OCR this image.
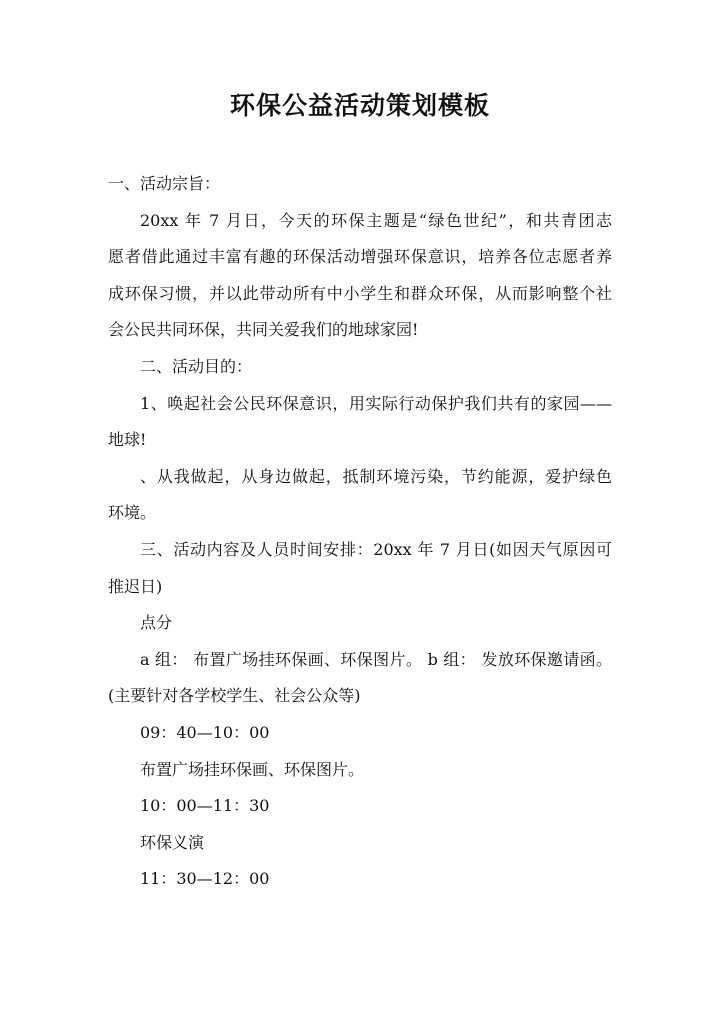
环保公益活动策划模板

一、活动宗旨：

20xx 年 7 月日，今天的环保主题是“绿色世纪”，和共青团志

愿者借此通过丰富有趣的环保活动增强环保意识，培养各位志愿者养

成环保习惯，并以此带动所有中小学生和群众环保，从而影响整个社

会公民共同环保，共同关爱我们的地球家园!

二、活动目的：

1、唤起社会公民环保意识，用实际行动保护我们共有的家园——

地球!

、从我做起，从身边做起，抵制环境污染，节约能源，爱护绿色

环境。

三、活动内容及人员时间安排：20xx 年 7 月日(如因天气原因可

推迟日)

点分

a 组： 布置广场挂环保画、环保图片。 b 组： 发放环保邀请函。

(主要针对各学校学生、社会公众等)

09：40—10：00

布置广场挂环保画、环保图片。

10：00—11：30

环保义演

11：30—12：00
